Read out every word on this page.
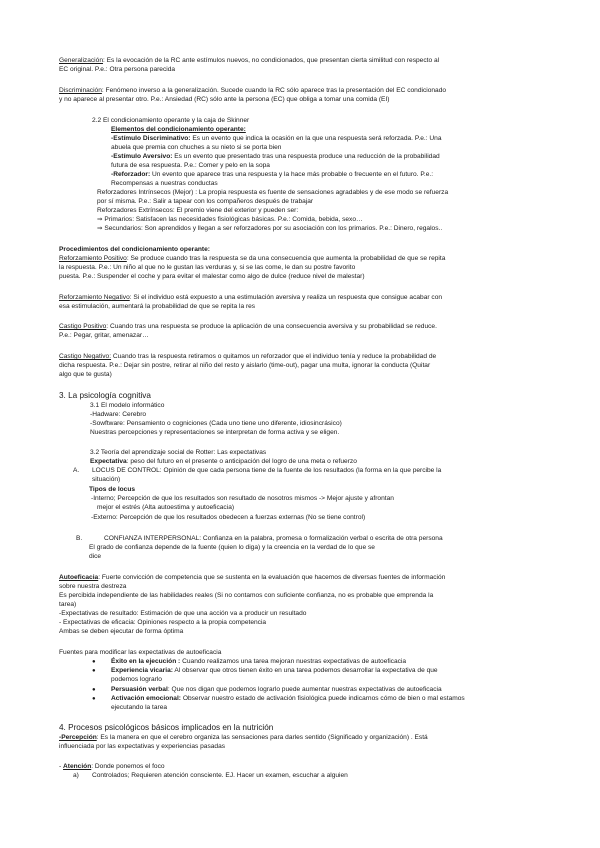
Generalización: Es la evocación de la RC ante estímulos nuevos, no condicionados, que presentan cierta similitud con respecto al
EC original. P.e.: Otra persona parecida
Discriminación: Fenómeno inverso a la generalización. Sucede cuando la RC sólo aparece tras la presentación del EC condicionado
y no aparece al presentar otro. P.e.: Ansiedad (RC) sólo ante la persona (EC) que obliga a tomar una comida (EI)
2.2 El condicionamiento operante y la caja de Skinner
Elementos del condicionamiento operante:
-Estímulo Discriminativo: Es un evento que indica la ocasión en la que una respuesta será reforzada. P.e.: Una
abuela que premia con chuches a su nieto si se porta bien
-Estímulo Aversivo: Es un evento que presentado tras una respuesta produce una reducción de la probabilidad
futura de esa respuesta. P.e.: Comer y pelo en la sopa
-Reforzador: Un evento que aparece tras una respuesta y la hace más probable o frecuente en el futuro. P.e.:
Recompensas a nuestras conductas
Reforzadores Intrínsecos (Mejor) : La propia respuesta es fuente de sensaciones agradables y de ese modo se refuerza
por sí misma. P.e.: Salir a tapear con los compañeros después de trabajar
Reforzadores Extrínsecos: El premio viene del exterior y pueden ser:
⇒ Primarios: Satisfacen las necesidades fisiológicas básicas. P.e.: Comida, bebida, sexo…
⇒ Secundarios: Son aprendidos y llegan a ser reforzadores por su asociación con los primarios. P.e.: Dinero, regalos..
Procedimientos del condicionamiento operante:
Reforzamiento Positivo: Se produce cuando tras la respuesta se da una consecuencia que aumenta la probabilidad de que se repita
la respuesta. P.e.: Un niño al que no le gustan las verduras y, si se las come, le dan su postre favorito
puesta. P.e.: Suspender el coche y para evitar el malestar como algo de dulce (reduce nivel de malestar)
Reforzamiento Negativo: Si el individuo está expuesto a una estimulación aversiva y realiza un respuesta que consigue acabar con
esa estimulación, aumentará la probabilidad de que se repita la res
Castigo Positivo: Cuando tras una respuesta se produce la aplicación de una consecuencia aversiva y su probabilidad se reduce.
P.e.: Pegar, gritar, amenazar…
Castigo Negativo: Cuando tras la respuesta retiramos o quitamos un reforzador que el individuo tenía y reduce la probabilidad de
dicha respuesta. P.e.: Dejar sin postre, retirar al niño del resto y aislarlo (time-out), pagar una multa, ignorar la conducta (Quitar
algo que te gusta)
3. La psicología cognitiva
3.1 El modelo informático
-Hadware: Cerebro
-Sowftware: Pensamiento o cogniciones (Cada uno tiene uno diferente, idiosincrásico)
Nuestras percepciones y representaciones se interpretan de forma activa y se eligen.
3.2 Teoría del aprendizaje social de Rotter: Las expectativas
Expectativa: peso del futuro en el presente o anticipación del logro de una meta o refuerzo
A. LOCUS DE CONTROL: Opinión de que cada persona tiene de la fuente de los resultados (la forma en la que percibe la
situación)
Tipos de locus
-Interno; Percepción de que los resultados son resultado de nosotros mismos -> Mejor ajuste y afrontan
mejor el estrés (Alta autoestima y autoeficacia)
-Externo: Percepción de que los resultados obedecen a fuerzas externas (No se tiene control)
B.	CONFIANZA INTERPERSONAL: Confianza en la palabra, promesa o formalización verbal o escrita de otra persona
El grado de confianza depende de la fuente (quien lo diga) y la creencia en la verdad de lo que se
dice
Autoeficacia: Fuerte convicción de competencia que se sustenta en la evaluación que hacemos de diversas fuentes de información
sobre nuestra destreza
Es percibida independiente de las habilidades reales (Si no contamos con suficiente confianza, no es probable que emprenda la
tarea)
-Expectativas de resultado: Estimación de que una acción va a producir un resultado
- Expectativas de eficacia: Opiniones respecto a la propia competencia
Ambas se deben ejecutar de forma óptima
Fuentes para modificar las expectativas de autoeficacia
● Éxito en la ejecución : Cuando realizamos una tarea mejoran nuestras expectativas de autoeficacia
● Experiencia vicaria: Al observar que otros tienen éxito en una tarea podemos desarrollar la expectativa de que
podemos lograrlo
● Persuasión verbal: Que nos digan que podemos lograrlo puede aumentar nuestras expectativas de autoeficacia
● Activación emocional: Observar nuestro estado de activación fisiológica puede indicarnos cómo de bien o mal estamos
ejecutando la tarea
4. Procesos psicológicos básicos implicados en la nutrición
-Percepción: Es la manera en que el cerebro organiza las sensaciones para darles sentido (Significado y organización) . Está
influenciada por las expectativas y experiencias pasadas
- Atención: Donde ponemos el foco
a) Controlados; Requieren atención consciente. EJ. Hacer un examen, escuchar a alguien
